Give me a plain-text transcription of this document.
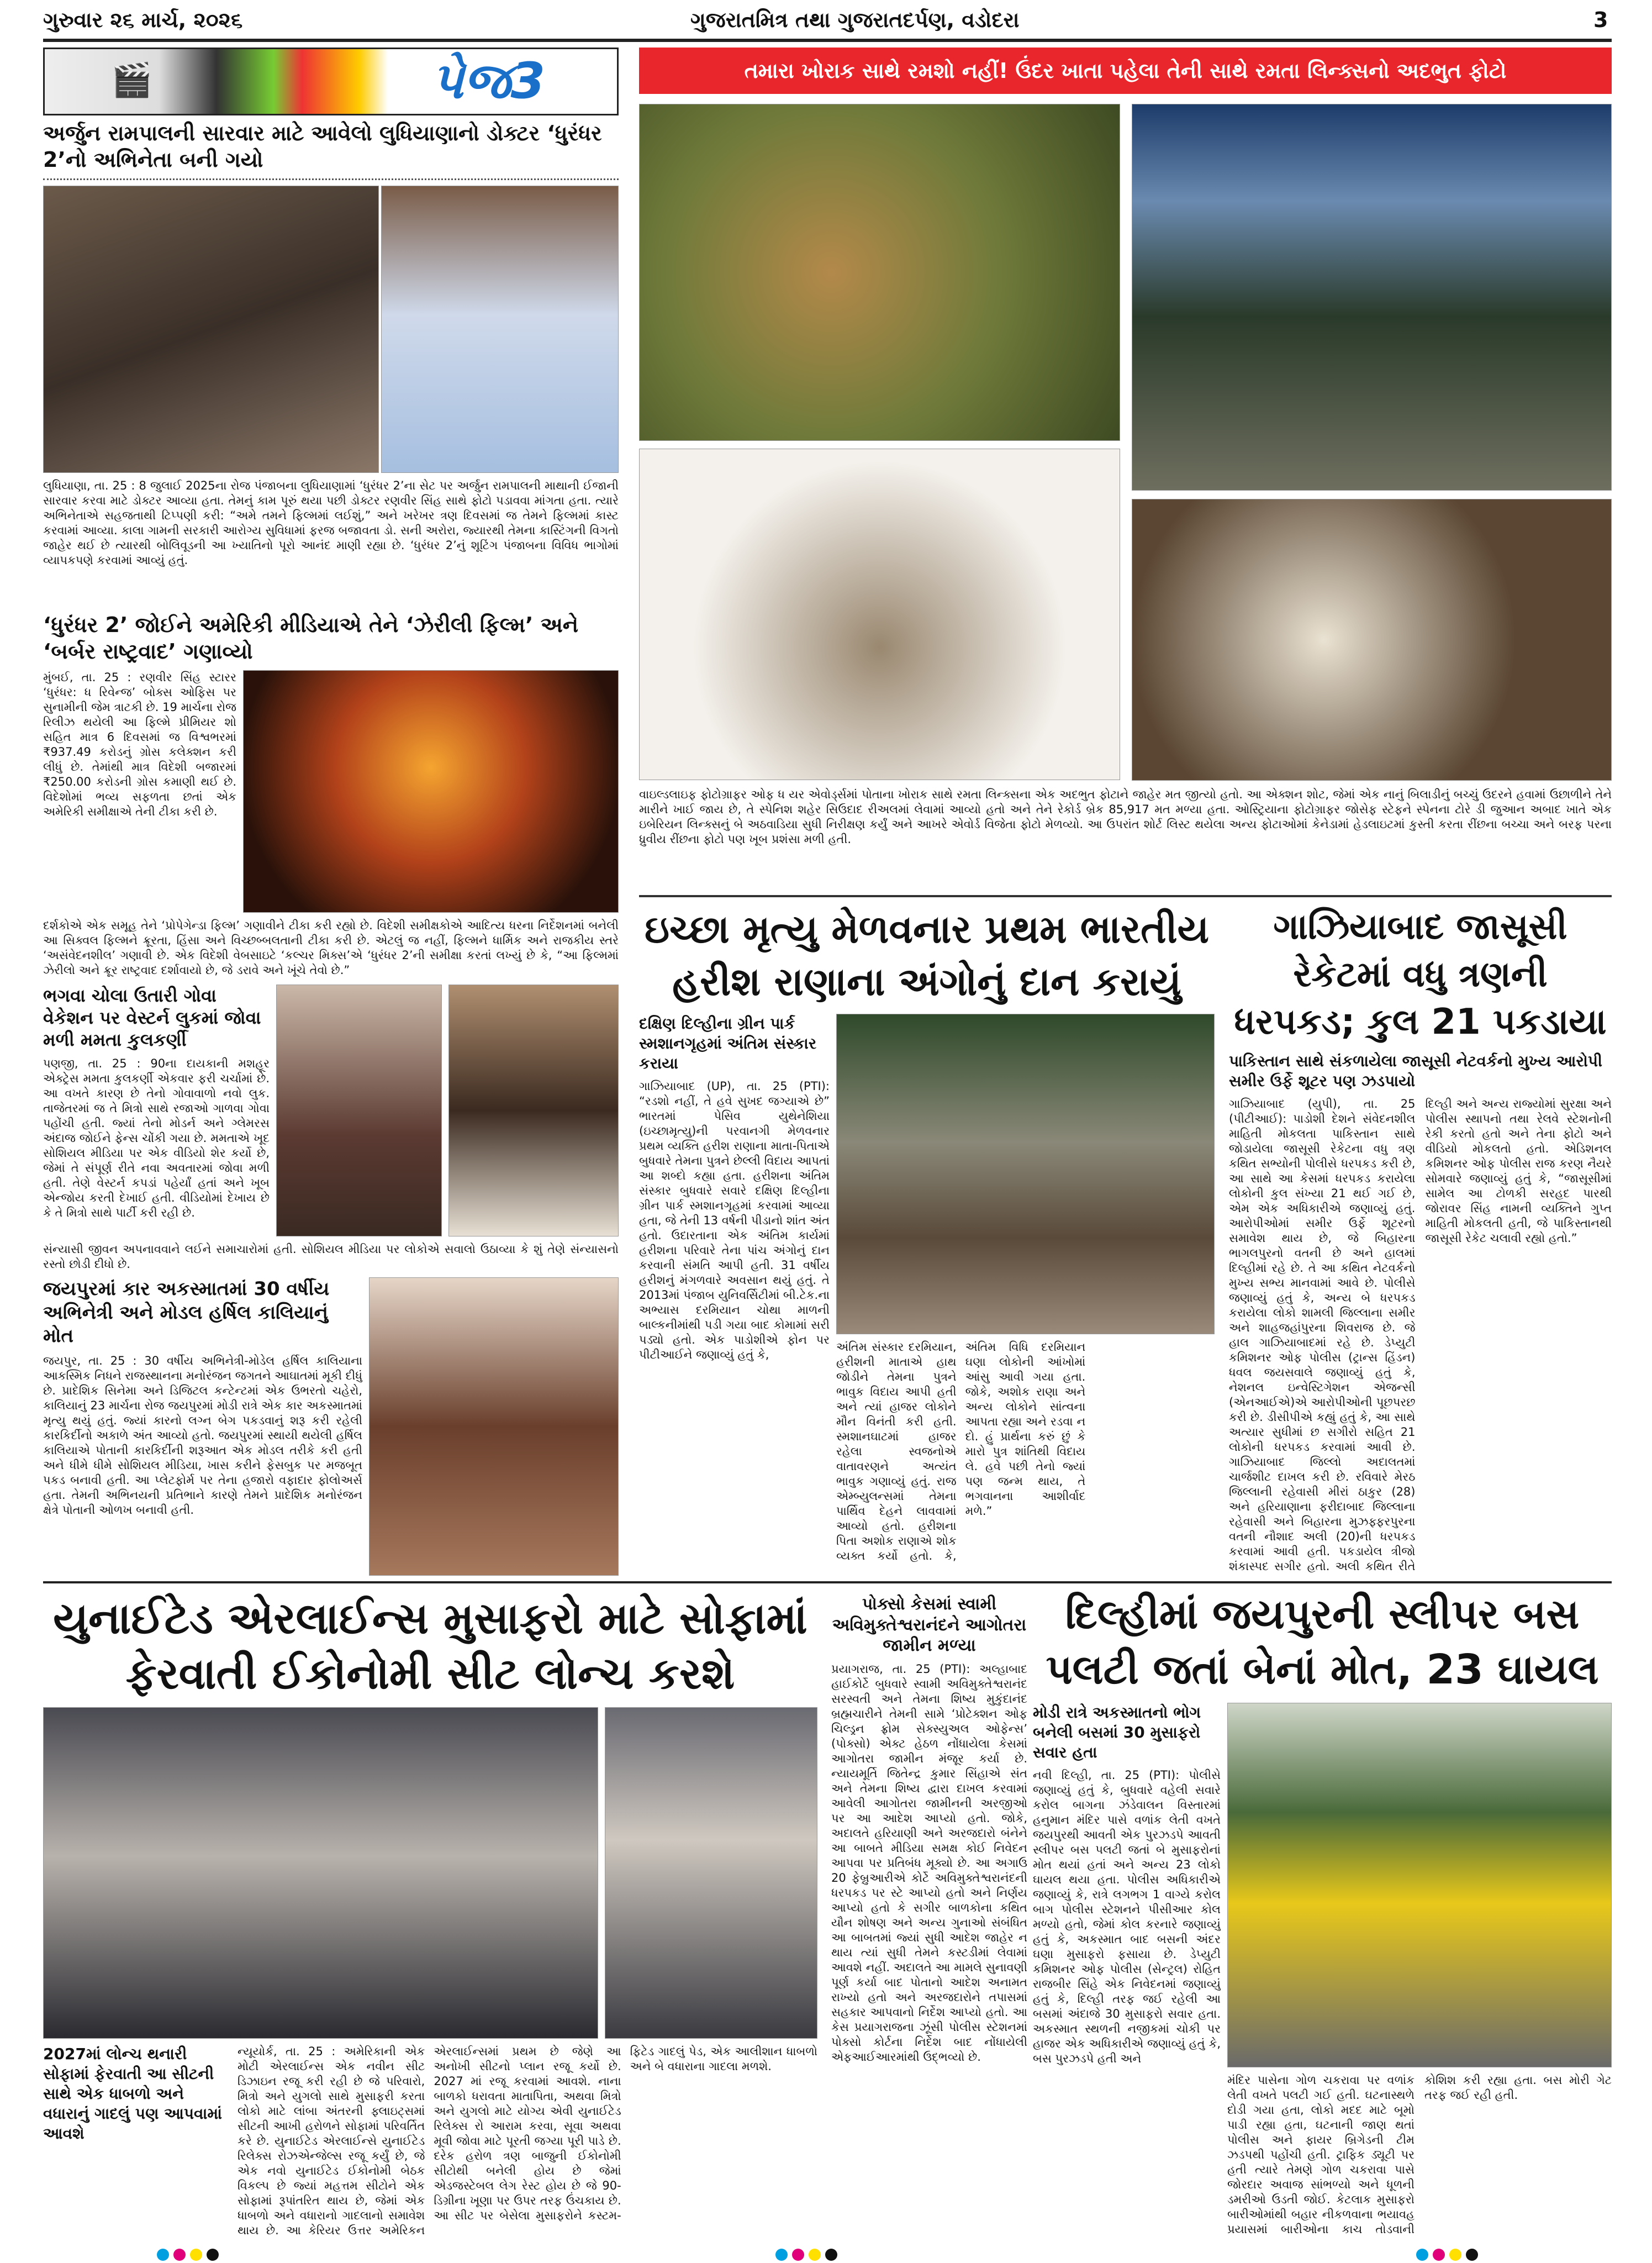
ગુરુવાર ૨૬ માર્ચ, ૨૦૨૬	ગુજરાતમિત્ર તથા ગુજરાતદર્પણ, વડોદરા	3
🎬	પેજ3	તમારા ખોરાક સાથે રમશો નહીં! ઉંદર ખાતા પહેલા તેની સાથે રમતા લિન્ક્સનો અદભુત ફોટો
અર્જુન રામપાલની સારવાર માટે આવેલો લુધિયાણાનો ડોક્ટર ‘ધુરંધર 2’નો અભિનેતા બની ગયો
લુધિયાણા, તા. 25 : 8 જુલાઈ 2025ના રોજ પંજાબના લુધિયાણામાં ‘ધુરંધર 2’ના સેટ પર અર્જુન રામપાલની માથાની ઈજાની સારવાર કરવા માટે ડોક્ટર આવ્યા હતા. તેમનું કામ પૂરું થયા પછી ડોક્ટર રણવીર સિંહ સાથે ફોટો પડાવવા માંગતા હતા. ત્યારે અભિનેતાએ સહજતાથી ટિપ્પણી કરી: “અમે તમને ફિલ્મમાં લઈશું,” અને ખરેખર ત્રણ દિવસમાં જ તેમને ફિલ્મમાં કાસ્ટ કરવામાં આવ્યા. કાલા ગામની સરકારી આરોગ્ય સુવિધામાં ફરજ બજાવતા ડો. સની અરોરા, જ્યારથી તેમના કાસ્ટિંગની વિગતો જાહેર થઈ છે ત્યારથી બોલિવૂડની આ ખ્યાતિનો પૂરો આનંદ માણી રહ્યા છે. ‘ધુરંધર 2’નું શૂટિંગ પંજાબના વિવિધ ભાગોમાં વ્યાપકપણે કરવામાં આવ્યું હતું.
‘ધુરંધર 2’ જોઈને અમેરિકી મીડિયાએ તેને ‘ઝેરીલી ફિલ્મ’ અને ‘બર્બર રાષ્ટ્રવાદ’ ગણાવ્યો
મુંબઈ, તા. 25 : રણવીર સિંહ સ્ટારર ‘ધુરંધર: ધ રિવેન્જ’ બોક્સ ઓફિસ પર સુનામીની જેમ ત્રાટકી છે. 19 માર્ચના રોજ રિલીઝ થયેલી આ ફિલ્મે પ્રીમિયર શો સહિત માત્ર 6 દિવસમાં જ વિશ્વભરમાં ₹937.49 કરોડનું ગ્રોસ કલેક્શન કરી લીધું છે. તેમાંથી માત્ર વિદેશી બજારમાં ₹250.00 કરોડની ગ્રોસ કમાણી થઈ છે. વિદેશોમાં ભવ્ય સફળતા છતાં એક અમેરિકી સમીક્ષાએ તેની ટીકા કરી છે.
દર્શકોએ એક સમૂહ તેને ‘પ્રોપેગેન્ડા ફિલ્મ’ ગણાવીને ટીકા કરી રહ્યો છે. વિદેશી સમીક્ષકોએ આદિત્ય ધરના નિર્દેશનમાં બનેલી આ સિક્વલ ફિલ્મને ક્રૂરતા, હિંસા અને વિચ્છબ્બલતાની ટીકા કરી છે. એટલું જ નહીં, ફિલ્મને ધાર્મિક અને રાજકીય સ્તરે ‘અસંવેદનશીલ’ ગણાવી છે. એક વિદેશી વેબસાઇટે ‘કલ્ચર મિક્સ’એ ‘ધુરંધર 2’ની સમીક્ષા કરતાં લખ્યું છે કે, “આ ફિલ્મમાં ઝેરીલો અને ક્રૂર રાષ્ટ્રવાદ દર્શાવાયો છે, જે ડરાવે અને ખૂંચે તેવો છે.”
ભગવા ચોલા ઉતારી ગોવા વેકેશન પર વેસ્ટર્ન લુકમાં જોવા મળી મમતા કુલકર્ણી
પણજી, તા. 25 : 90ના દાયકાની મશહૂર એક્ટ્રેસ મમતા કુલકર્ણી એકવાર ફરી ચર્ચામાં છે. આ વખતે કારણ છે તેનો ગોવાવાળો નવો લુક. તાજેતરમાં જ તે મિત્રો સાથે રજાઓ ગાળવા ગોવા પહોંચી હતી. જ્યાં તેનો મોડર્ન અને ગ્લેમરસ અંદાજ જોઈને ફેન્સ ચોંકી ગયા છે. મમતાએ ખૂદ સોશિયલ મીડિયા પર એક વીડિયો શેર કર્યો છે, જેમાં તે સંપૂર્ણ રીતે નવા અવતારમાં જોવા મળી હતી. તેણે વેસ્ટર્ન કપડાં પહેર્યાં હતાં અને ખૂબ એન્જોય કરતી દેખાઈ હતી. વીડિયોમાં દેખાય છે કે તે મિત્રો સાથે પાર્ટી કરી રહી છે.
સંન્યાસી જીવન અપનાવવાને લઈને સમાચારોમાં હતી. સોશિયલ મીડિયા પર લોકોએ સવાલો ઉઠાવ્યા કે શું તેણે સંન્યાસનો રસ્તો છોડી દીધો છે.
જયપુરમાં કાર અકસ્માતમાં 30 વર્ષીય અભિનેત્રી અને મોડલ હર્ષિલ કાલિયાનું મોત
જયપુર, તા. 25 : 30 વર્ષીય અભિનેત્રી-મોડેલ હર્ષિલ કાલિયાના આકસ્મિક નિધને રાજસ્થાનના મનોરંજન જગતને આઘાતમાં મૂકી દીધું છે. પ્રાદેશિક સિનેમા અને ડિજિટલ કન્ટેન્ટમાં એક ઉભરતો ચહેરો, કાલિયાનું 23 માર્ચના રોજ જયપુરમાં મોડી રાત્રે એક કાર અકસ્માતમાં મૃત્યુ થયું હતું. જ્યાં કારનો લગ્ન બેગ પકડવાનું શરૂ કરી રહેલી કારકિર્દીનો અકાળે અંત આવ્યો હતો. જયપુરમાં સ્થાયી થયેલી હર્ષિલ કાલિયાએ પોતાની કારકિર્દીની શરૂઆત એક મોડલ તરીકે કરી હતી અને ધીમે ધીમે સોશિયલ મીડિયા, ખાસ કરીને ફેસબુક પર મજબૂત પકડ બનાવી હતી. આ પ્લેટફોર્મ પર તેના હજારો વફાદાર ફોલોઅર્સ હતા. તેમની અભિનયની પ્રતિભાને કારણે તેમને પ્રાદેશિક મનોરંજન ક્ષેત્રે પોતાની ઓળખ બનાવી હતી.
વાઇલ્ડલાઇફ ફોટોગ્રાફર ઓફ ધ યર એવોર્ડ્સમાં પોતાના ખોરાક સાથે રમતા લિન્ક્સના એક અદભુત ફોટાને જાહેર મત જીત્યો હતો. આ એક્શન શોટ, જેમાં એક નાનું બિલાડીનું બચ્ચું ઉંદરને હવામાં ઉછાળીને તેને મારીને ખાઈ જાય છે, તે સ્પેનિશ શહેર સિઉદાદ રીઅલમાં લેવામાં આવ્યો હતો અને તેને રેકોર્ડ બ્રેક 85,917 મત મળ્યા હતા. ઓસ્ટ્રિયાના ફોટોગ્રાફર જોસેફ સ્ટેફને સ્પેનના ટોરે ડી જુઆન અબાદ ખાતે એક ઇબેરિયન લિન્ક્સનું બે અઠવાડિયા સુધી નિરીક્ષણ કર્યું અને આખરે એવોર્ડ વિજેતા ફોટો મેળવ્યો. આ ઉપરાંત શોર્ટ લિસ્ટ થયેલા અન્ય ફોટાઓમાં કેનેડામાં હેડલાઇટમાં કુસ્તી કરતા રીંછના બચ્ચા અને બરફ પરના ધ્રુવીય રીંછના ફોટો પણ ખૂબ પ્રશંસા મળી હતી.
ઇચ્છા મૃત્યુ મેળવનાર પ્રથમ ભારતીય હરીશ રાણાના અંગોનું દાન કરાયું
દક્ષિણ દિલ્હીના ગ્રીન પાર્ક સ્મશાનગૃહમાં અંતિમ સંસ્કાર કરાયા
ગાઝિયાબાદ (UP), તા. 25 (PTI): “રડશો નહીં, તે હવે સુખદ જગ્યાએ છે” ભારતમાં પેસિવ યુથેનેશિયા (ઇચ્છામૃત્યુ)ની પરવાનગી મેળવનાર પ્રથમ વ્યક્તિ હરીશ રાણાના માતા-પિતાએ બુધવારે તેમના પુત્રને છેલ્લી વિદાય આપતાં આ શબ્દો કહ્યા હતા. હરીશના અંતિમ સંસ્કાર બુધવારે સવારે દક્ષિણ દિલ્હીના ગ્રીન પાર્ક સ્મશાનગૃહમાં કરવામાં આવ્યા હતા, જે તેની 13 વર્ષની પીડાનો શાંત અંત હતો. ઉદારતાના એક અંતિમ કાર્યમાં હરીશના પરિવારે તેના પાંચ અંગોનું દાન કરવાની સંમતિ આપી હતી. 31 વર્ષીય હરીશનું મંગળવારે અવસાન થયું હતું. તે 2013માં પંજાબ યુનિવર્સિટીમાં બી.ટેક.ના અભ્યાસ દરમિયાન ચોથા માળની બાલ્કનીમાંથી પડી ગયા બાદ કોમામાં સરી પડ્યો હતો. એક પાડોશીએ ફોન પર પીટીઆઈને જણાવ્યું હતું કે,
અંતિમ સંસ્કાર દરમિયાન, હરીશની માતાએ હાથ જોડીને તેમના પુત્રને ભાવુક વિદાય આપી હતી અને ત્યાં હાજર લોકોને મૌન વિનંતી કરી હતી. સ્મશાનઘાટમાં હાજર રહેલા સ્વજનોએ વાતાવરણને અત્યંત ભાવુક ગણાવ્યું હતું. રાજ એમ્બ્યુલન્સમાં તેમના પાર્થિવ દેહને લાવવામાં આવ્યો હતો. હરીશના પિતા અશોક રાણાએ શોક વ્યક્ત કર્યો હતો. કે, અંતિમ વિધિ દરમિયાન ઘણા લોકોની આંખોમાં આંસુ આવી ગયા હતા. જોકે, અશોક રાણા અને અન્ય લોકોને સાંત્વના આપતા રહ્યા અને રડવા ન દો. હું પ્રાર્થના કરું છું કે મારો પુત્ર શાંતિથી વિદાય લે. હવે પછી તેનો જ્યાં પણ જન્મ થાય, તે ભગવાનના આશીર્વાદ મળે.”
ગાઝિયાબાદ જાસૂસી રેકેટમાં વધુ ત્રણની ધરપકડ; કુલ 21 પકડાયા
પાકિસ્તાન સાથે સંકળાયેલા જાસૂસી નેટવર્કનો મુખ્ય આરોપી સમીર ઉર્ફે શૂટર પણ ઝડપાયો
ગાઝિયાબાદ (યુપી), તા. 25 (પીટીઆઈ): પાડોશી દેશને સંવેદનશીલ માહિતી મોકલતા પાકિસ્તાન સાથે જોડાયેલા જાસૂસી રેકેટના વધુ ત્રણ કથિત સભ્યોની પોલીસે ધરપકડ કરી છે, આ સાથે આ કેસમાં ધરપકડ કરાયેલા લોકોની કુલ સંખ્યા 21 થઈ ગઈ છે, એમ એક અધિકારીએ જણાવ્યું હતું. આરોપીઓમાં સમીર ઉર્ફે શૂટરનો સમાવેશ થાય છે, જે બિહારના ભાગલપુરનો વતની છે અને હાલમાં દિલ્હીમાં રહે છે. તે આ કથિત નેટવર્કનો મુખ્ય સભ્ય માનવામાં આવે છે. પોલીસે જણાવ્યું હતું કે, અન્ય બે ધરપકડ કરાયેલા લોકો શામલી જિલ્લાના સમીર અને શાહજહાંપુરના શિવરાજ છે. જે હાલ ગાઝિયાબાદમાં રહે છે. ડેપ્યુટી કમિશનર ઓફ પોલીસ (ટ્રાન્સ હિંડન) ધવલ જયસવાલે જણાવ્યું હતું કે, નેશનલ ઇન્વેસ્ટિગેશન એજન્સી (એનઆઈએ)એ આરોપીઓની પૂછપરછ કરી છે. ડીસીપીએ કહ્યું હતું કે, આ સાથે અત્યાર સુધીમાં છ સગીરો સહિત 21 લોકોની ધરપકડ કરવામાં આવી છે. ગાઝિયાબાદ જિલ્લો અદાલતમાં ચાર્જશીટ દાખલ કરી છે. રવિવારે મેરઠ જિલ્લાની રહેવાસી મીરાં ઠાકુર (28) અને હરિયાણાના ફરીદાબાદ જિલ્લાના રહેવાસી અને બિહારના મુઝફ્ફરપુરના વતની નૌશાદ અલી (20)ની ધરપકડ કરવામાં આવી હતી. પકડાયેલ ત્રીજો શંકાસ્પદ સગીર હતો. અલી કથિત રીતે દિલ્હી અને અન્ય રાજ્યોમાં સુરક્ષા અને પોલીસ સ્થાપનો તથા રેલવે સ્ટેશનોની રેકી કરતો હતો અને તેના ફોટો અને વીડિયો મોકલતો હતો. એડિશનલ કમિશનર ઓફ પોલીસ રાજ કરણ નૈયરે સોમવારે જણાવ્યું હતું કે, “જાસૂસીમાં સામેલ આ ટોળકી સરહદ પારથી જોરાવર સિંહ નામની વ્યક્તિને ગુપ્ત માહિતી મોકલતી હતી, જે પાકિસ્તાનથી જાસૂસી રેકેટ ચલાવી રહ્યો હતો.”
યુનાઈટેડ એરલાઈન્સ મુસાફરો માટે સોફામાં ફેરવાતી ઈકોનોમી સીટ લોન્ચ કરશે
2027માં લોન્ચ થનારી સોફામાં ફેરવાતી આ સીટની સાથે એક ધાબળો અને વધારાનું ગાદલું પણ આપવામાં આવશે
ન્યૂયોર્ક, તા. 25 : અમેરિકાની એક મોટી એરલાઈન્સ એક નવીન સીટ ડિઝાઇન રજૂ કરી રહી છે જે પરિવારો, મિત્રો અને યુગલો સાથે મુસાફરી કરતા લોકો માટે લાંબા અંતરની ફ્લાઇટ્સમાં સીટની આખી હરોળને સોફામાં પરિવર્તિત કરે છે. યુનાઈટેડ એરલાઈન્સે યુનાઈટેડ રિલેક્સ રોઝએન્જેલ્સ રજૂ કર્યું છે, જે એક નવો યુનાઈટેડ ઈકોનોમી બેઠક વિકલ્પ છે જ્યાં મહત્તમ સીટોને એક સોફામાં રૂપાંતરિત થાય છે, જેમાં એક ધાબળો અને વધારાનો ગાદલાનો સમાવેશ થાય છે. આ કેરિયર ઉત્તર અમેરિકન એરલાઈન્સમાં પ્રથમ છે જેણે આ અનોખી સીટનો પ્લાન રજૂ કર્યો છે. 2027 માં રજૂ કરવામાં આવશે. નાના બાળકો ધરાવતા માતાપિતા, અથવા મિત્રો અને યુગલો માટે યોગ્ય એવી યુનાઈટેડ રિલેક્સ રો આરામ કરવા, સૂવા અથવા મૂવી જોવા માટે પૂરતી જગ્યા પૂરી પાડે છે. દરેક હરોળ ત્રણ બાજુની ઈકોનોમી સીટોથી બનેલી હોય છે જેમાં એડજસ્ટેબલ લેગ રેસ્ટ હોય છે જે 90-ડિગ્રીના ખૂણા પર ઉપર તરફ ઉંચકાય છે. આ સીટ પર બેસેલા મુસાફરોને કસ્ટમ-ફિટેડ ગાદલું પેડ, એક આલીશાન ધાબળો અને બે વધારાના ગાદલા મળશે.
પોક્સો કેસમાં સ્વામી અવિમુક્તેશ્વરાનંદને આગોતરા જામીન મળ્યા
પ્રયાગરાજ, તા. 25 (PTI): અલ્હાબાદ હાઈકોર્ટે બુધવારે સ્વામી અવિમુક્તેશ્વરાનંદ સરસ્વતી અને તેમના શિષ્ય મુકુંદાનંદ બ્રહ્મચારીને તેમની સામે ‘પ્રોટેક્શન ઓફ ચિલ્ડ્રન ફ્રોમ સેક્સ્યુઅલ ઓફેન્સ’ (પોક્સો) એક્ટ હેઠળ નોંધાયેલા કેસમાં આગોતરા જામીન મંજૂર કર્યા છે. ન્યાયમૂર્તિ જિતેન્દ્ર કુમાર સિંહાએ સંત અને તેમના શિષ્ય દ્વારા દાખલ કરવામાં આવેલી આગોતરા જામીનની અરજીઓ પર આ આદેશ આપ્યો હતો. જોકે, અદાલતે હરિયાણી અને અરજદારો બંનેને આ બાબતે મીડિયા સમક્ષ કોઈ નિવેદન આપવા પર પ્રતિબંધ મૂક્યો છે. આ અગાઉ 20 ફેબ્રુઆરીએ કોર્ટે અવિમુક્તેશ્વરાનંદની ધરપકડ પર સ્ટે આપ્યો હતો અને નિર્ણય આપ્યો હતો કે સગીર બાળકોના કથિત યૌન શોષણ અને અન્ય ગુનાઓ સંબંધિત આ બાબતમાં જ્યાં સુધી આદેશ જાહેર ન થાય ત્યાં સુધી તેમને કસ્ટડીમાં લેવામાં આવશે નહીં. અદાલતે આ મામલે સુનાવણી પૂર્ણ કર્યા બાદ પોતાનો આદેશ અનામત રાખ્યો હતો અને અરજદારોને તપાસમાં સહકાર આપવાનો નિર્દેશ આપ્યો હતો. આ કેસ પ્રયાગરાજના ઝૂંસી પોલીસ સ્ટેશનમાં પોક્સો કોર્ટના નિર્દેશ બાદ નોંધાયેલી એફઆઈઆરમાંથી ઉદ્ભવ્યો છે.
દિલ્હીમાં જયપુરની સ્લીપર બસ પલટી જતાં બેનાં મોત, 23 ઘાયલ
મોડી રાત્રે અકસ્માતનો ભોગ બનેલી બસમાં 30 મુસાફરો સવાર હતા
નવી દિલ્હી, તા. 25 (PTI): પોલીસે જણાવ્યું હતું કે, બુધવારે વહેલી સવારે કરોલ બાગના ઝંડેવાલન વિસ્તારમાં હનુમાન મંદિર પાસે વળાંક લેતી વખતે જયપુરથી આવતી એક પુરઝડપે આવતી સ્લીપર બસ પલટી જતાં બે મુસાફરોનાં મોત થયાં હતાં અને અન્ય 23 લોકો ઘાયલ થયા હતા. પોલીસ અધિકારીએ જણાવ્યું કે, રાત્રે લગભગ 1 વાગ્યે કરોલ બાગ પોલીસ સ્ટેશનને પીસીઆર કોલ મળ્યો હતો, જેમાં કોલ કરનારે જણાવ્યું હતું કે, અકસ્માત બાદ બસની અંદર ઘણા મુસાફરો ફસાયા છે. ડેપ્યુટી કમિશનર ઓફ પોલીસ (સેન્ટ્રલ) રોહિત રાજબીર સિંહે એક નિવેદનમાં જણાવ્યું હતું કે, દિલ્હી તરફ જઈ રહેલી આ બસમાં અંદાજે 30 મુસાફરો સવાર હતા. અકસ્માત સ્થળની નજીકમાં ચોકી પર હાજર એક અધિકારીએ જણાવ્યું હતું કે, બસ પુરઝડપે હતી અને
મંદિર પાસેના ગોળ ચકરાવા પર વળાંક લેતી વખતે પલટી ગઈ હતી. ઘટનાસ્થળે દોડી ગયા હતા, લોકો મદદ માટે બૂમો પાડી રહ્યા હતા, ઘટનાની જાણ થતાં પોલીસ અને ફાયર બ્રિગેડની ટીમ ઝડપથી પહોંચી હતી. ટ્રાફિક ડ્યૂટી પર હતી ત્યારે તેમણે ગોળ ચકરાવા પાસે જોરદાર અવાજ સાંભળ્યો અને ધૂળની ડમરીઓ ઉડતી જોઈ. કેટલાક મુસાફરો બારીઓમાંથી બહાર નીકળવાના ભયાવહ પ્રયાસમાં બારીઓના કાચ તોડવાની કોશિશ કરી રહ્યા હતા. બસ મોરી ગેટ તરફ જઈ રહી હતી.
